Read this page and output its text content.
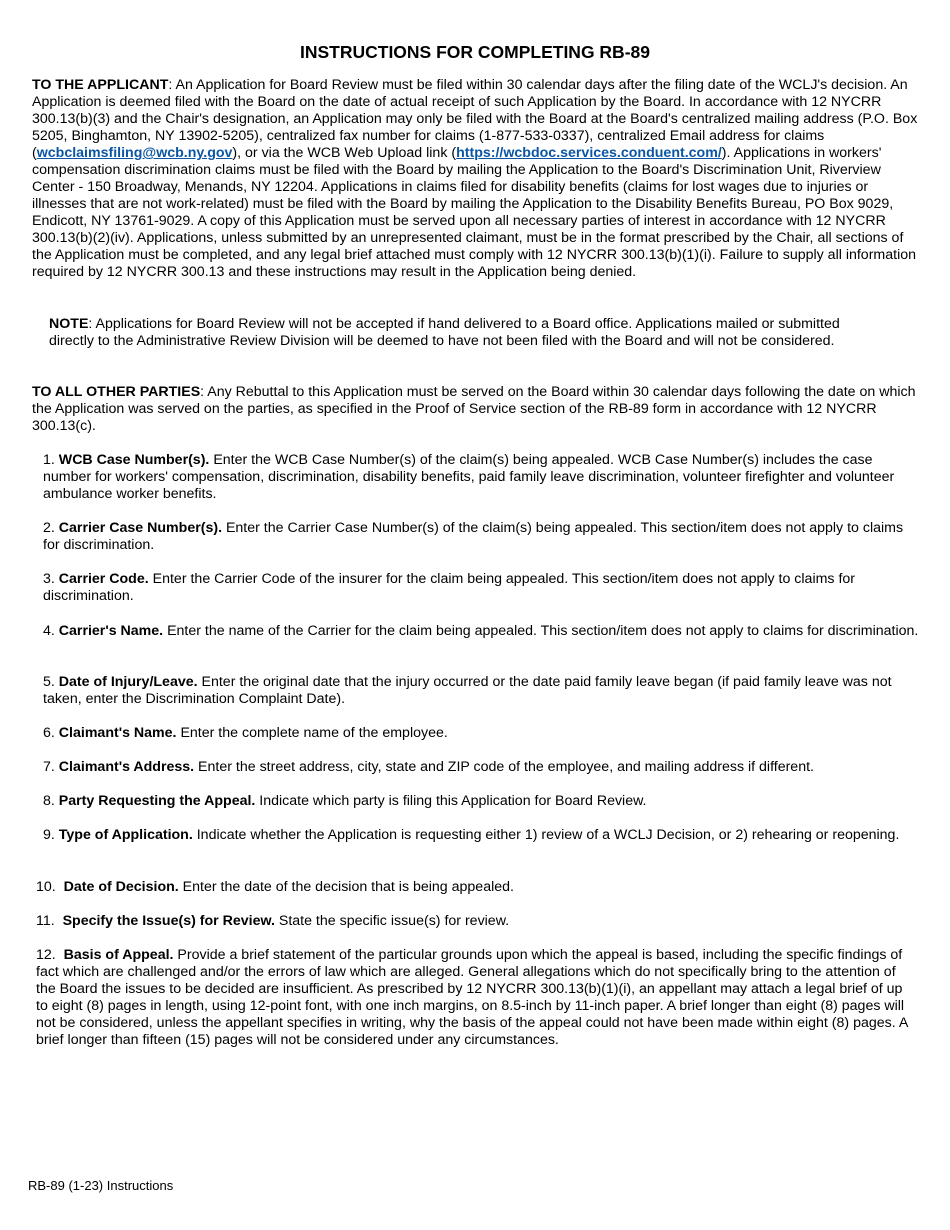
INSTRUCTIONS FOR COMPLETING RB-89

TO THE APPLICANT: An Application for Board Review must be filed within 30 calendar days after the filing date of the WCLJ's decision. An Application is deemed filed with the Board on the date of actual receipt of such Application by the Board. In accordance with 12 NYCRR 300.13(b)(3) and the Chair's designation, an Application may only be filed with the Board at the Board's centralized mailing address (P.O. Box 5205, Binghamton, NY 13902-5205), centralized fax number for claims (1-877-533-0337), centralized Email address for claims (wcbclaimsfiling@wcb.ny.gov), or via the WCB Web Upload link (https://wcbdoc.services.conduent.com/). Applications in workers' compensation discrimination claims must be filed with the Board by mailing the Application to the Board's Discrimination Unit, Riverview Center - 150 Broadway, Menands, NY 12204. Applications in claims filed for disability benefits (claims for lost wages due to injuries or illnesses that are not work-related) must be filed with the Board by mailing the Application to the Disability Benefits Bureau, PO Box 9029, Endicott, NY 13761-9029. A copy of this Application must be served upon all necessary parties of interest in accordance with 12 NYCRR 300.13(b)(2)(iv). Applications, unless submitted by an unrepresented claimant, must be in the format prescribed by the Chair, all sections of the Application must be completed, and any legal brief attached must comply with 12 NYCRR 300.13(b)(1)(i). Failure to supply all information required by 12 NYCRR 300.13 and these instructions may result in the Application being denied.

NOTE: Applications for Board Review will not be accepted if hand delivered to a Board office. Applications mailed or submitted directly to the Administrative Review Division will be deemed to have not been filed with the Board and will not be considered.

TO ALL OTHER PARTIES: Any Rebuttal to this Application must be served on the Board within 30 calendar days following the date on which the Application was served on the parties, as specified in the Proof of Service section of the RB-89 form in accordance with 12 NYCRR 300.13(c).

1. WCB Case Number(s). Enter the WCB Case Number(s) of the claim(s) being appealed. WCB Case Number(s) includes the case number for workers' compensation, discrimination, disability benefits, paid family leave discrimination, volunteer firefighter and volunteer ambulance worker benefits.

2. Carrier Case Number(s). Enter the Carrier Case Number(s) of the claim(s) being appealed. This section/item does not apply to claims for discrimination.

3. Carrier Code. Enter the Carrier Code of the insurer for the claim being appealed. This section/item does not apply to claims for discrimination.

4. Carrier's Name. Enter the name of the Carrier for the claim being appealed. This section/item does not apply to claims for discrimination.

5. Date of Injury/Leave. Enter the original date that the injury occurred or the date paid family leave began (if paid family leave was not taken, enter the Discrimination Complaint Date).

6. Claimant's Name. Enter the complete name of the employee.

7. Claimant's Address. Enter the street address, city, state and ZIP code of the employee, and mailing address if different.

8. Party Requesting the Appeal. Indicate which party is filing this Application for Board Review.

9. Type of Application. Indicate whether the Application is requesting either 1) review of a WCLJ Decision, or 2) rehearing or reopening.

10. Date of Decision. Enter the date of the decision that is being appealed.

11. Specify the Issue(s) for Review. State the specific issue(s) for review.

12. Basis of Appeal. Provide a brief statement of the particular grounds upon which the appeal is based, including the specific findings of fact which are challenged and/or the errors of law which are alleged. General allegations which do not specifically bring to the attention of the Board the issues to be decided are insufficient. As prescribed by 12 NYCRR 300.13(b)(1)(i), an appellant may attach a legal brief of up to eight (8) pages in length, using 12-point font, with one inch margins, on 8.5-inch by 11-inch paper. A brief longer than eight (8) pages will not be considered, unless the appellant specifies in writing, why the basis of the appeal could not have been made within eight (8) pages. A brief longer than fifteen (15) pages will not be considered under any circumstances.

RB-89 (1-23) Instructions
